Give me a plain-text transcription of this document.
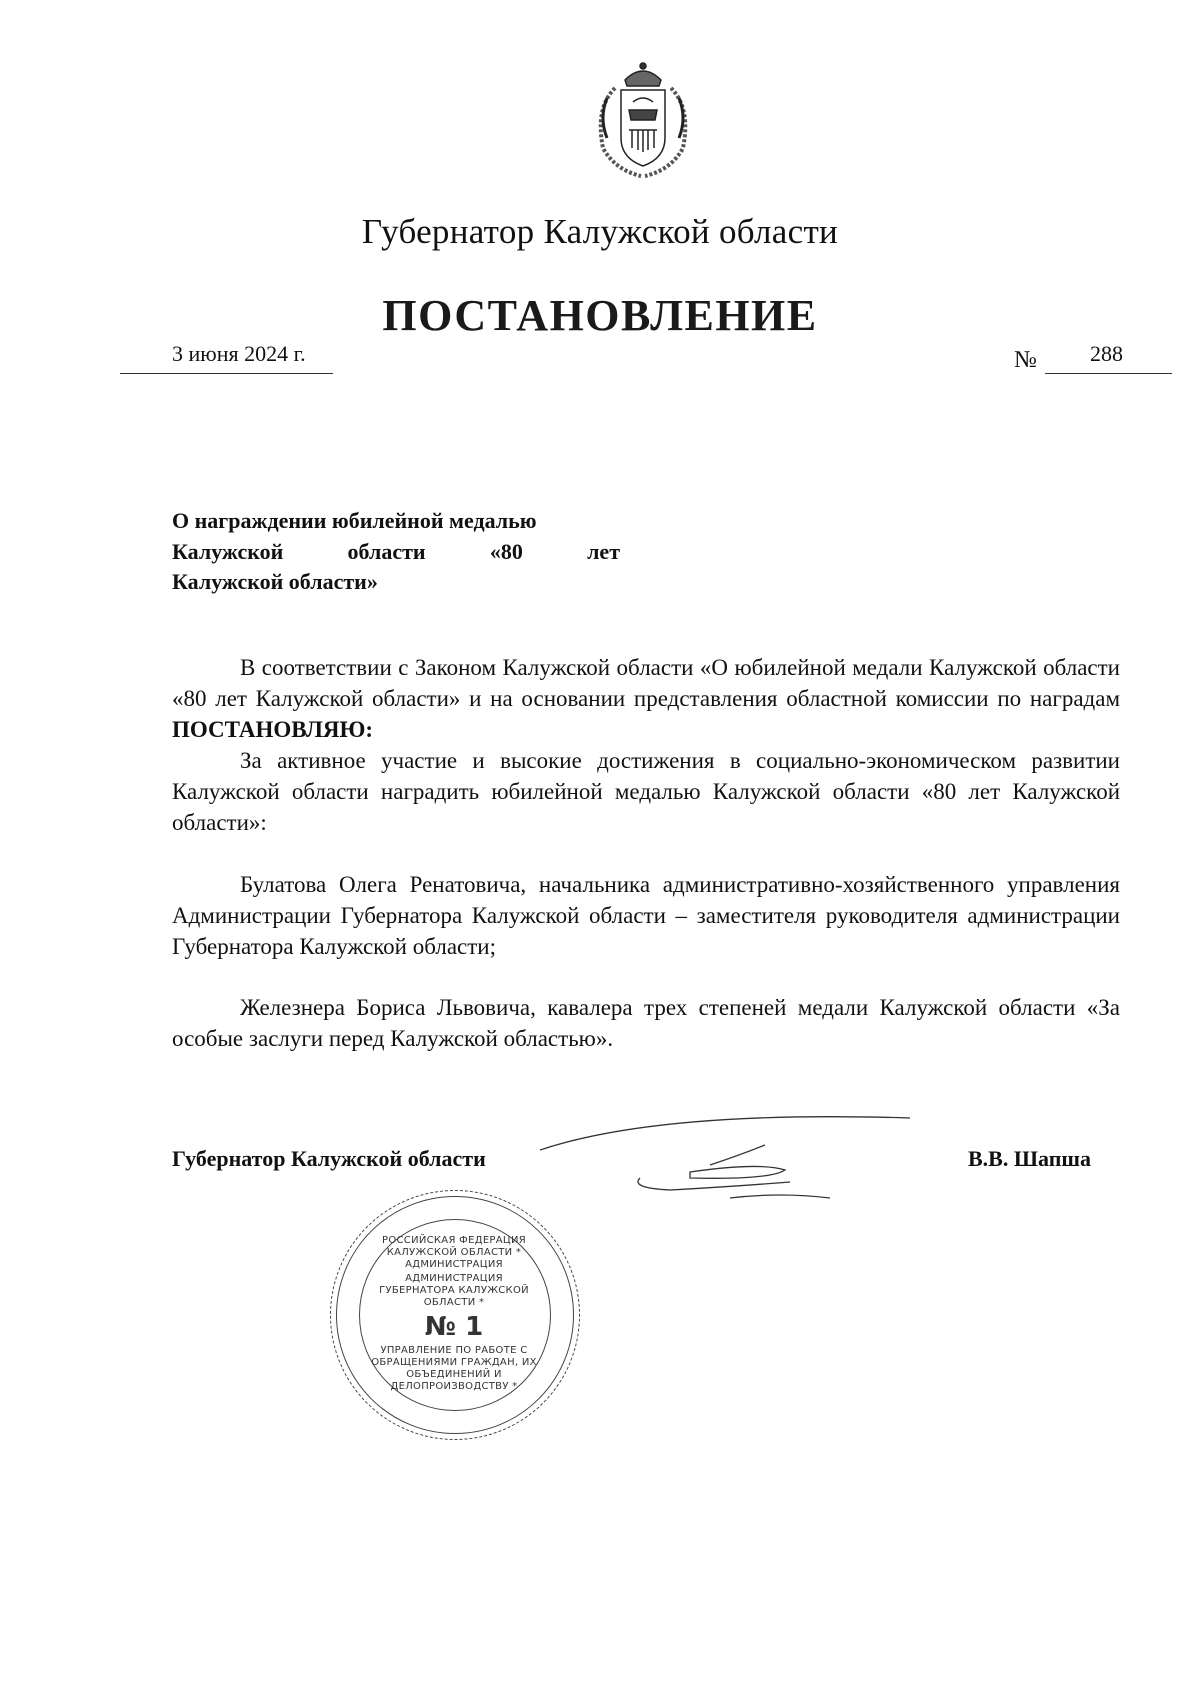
Губернатор Калужской области
ПОСТАНОВЛЕНИЕ
3 июня 2024 г.	№ 288
О награждении юбилейной медалью
Калужской области «80 лет
Калужской области»
В соответствии с Законом Калужской области «О юбилейной медали Калужской области «80 лет Калужской области» и на основании представления областной комиссии по наградам ПОСТАНОВЛЯЮ:
За активное участие и высокие достижения в социально-экономическом развитии Калужской области наградить юбилейной медалью Калужской области «80 лет Калужской области»:
Булатова Олега Ренатовича, начальника административно-хозяйственного управления Администрации Губернатора Калужской области – заместителя руководителя администрации Губернатора Калужской области;
Железнера Бориса Львовича, кавалера трех степеней медали Калужской области «За особые заслуги перед Калужской областью».
Губернатор Калужской области	В.В. Шапша
РОССИЙСКАЯ ФЕДЕРАЦИЯ КАЛУЖСКОЙ ОБЛАСТИ * АДМИНИСТРАЦИЯ
АДМИНИСТРАЦИЯ ГУБЕРНАТОРА КАЛУЖСКОЙ ОБЛАСТИ *
№ 1
УПРАВЛЕНИЕ ПО РАБОТЕ С ОБРАЩЕНИЯМИ ГРАЖДАН, ИХ ОБЪЕДИНЕНИЙ И ДЕЛОПРОИЗВОДСТВУ *
